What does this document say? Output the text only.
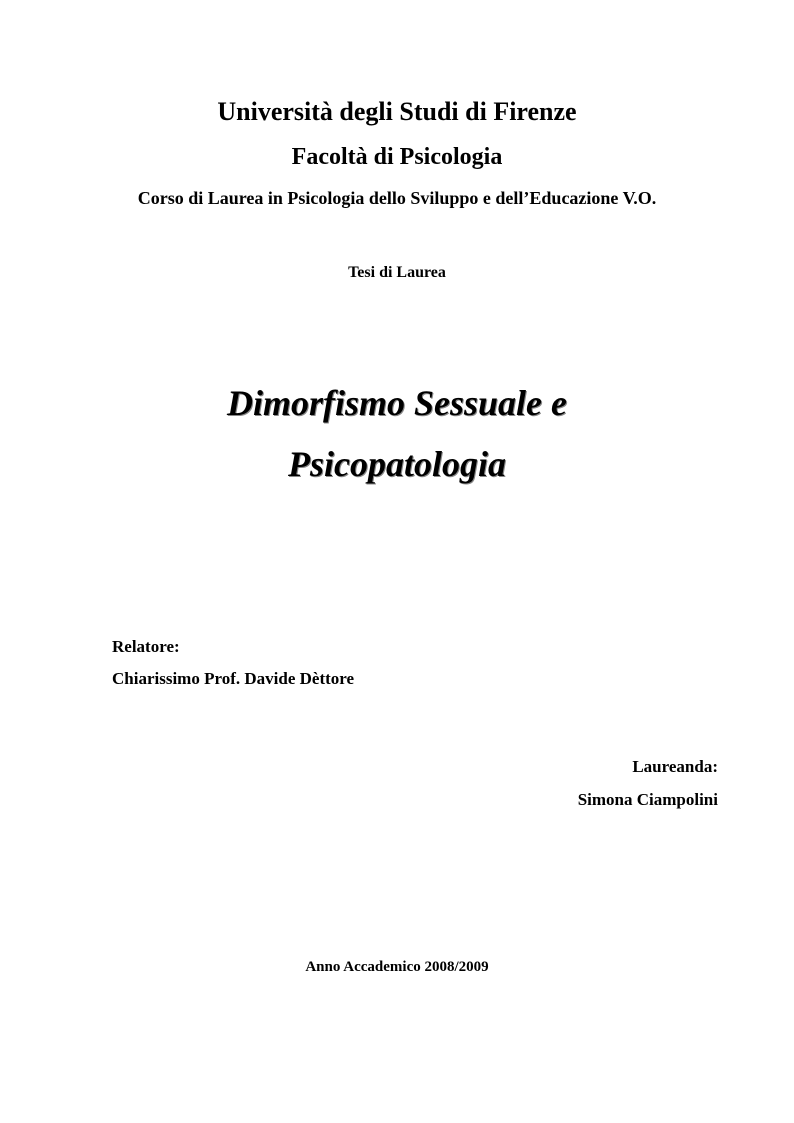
Università degli Studi di Firenze
Facoltà di Psicologia
Corso di Laurea in Psicologia dello Sviluppo e dell’Educazione V.O.
Tesi di Laurea
Dimorfismo Sessuale e
Psicopatologia
Relatore:
Chiarissimo Prof. Davide Dèttore
Laureanda:
Simona Ciampolini
Anno Accademico 2008/2009
